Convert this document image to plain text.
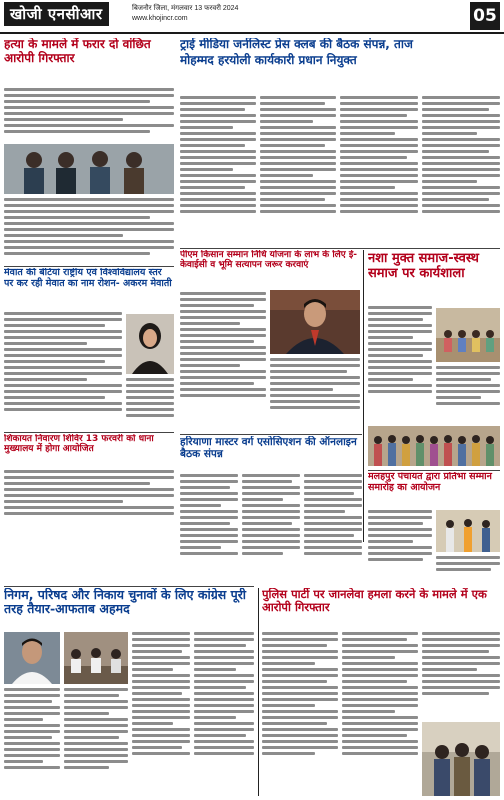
खोजी एनसीआर	बिजनौर जिला, मंगलवार 13 फरवरी 2024
www.khojincr.com	05
हत्या के मामले में फरार दो वांछित आरोपी गिरफ्तार
मेवात की बेटियां राष्ट्रीय एवं विश्वविद्यालय स्तर पर कर रही मेवात का नाम रोशन- अकरम मेवाती
शिकायत निवारण शिविर 13 फरवरी को धाना मुख्यालय में होगा आयोजित
ट्राई मीडिया जर्नलिस्ट प्रेस क्लब की बैठक संपन्न, ताज
मोहम्मद हरयोली कार्यकारी प्रधान नियुक्त
पीएम किसान सम्मान निधि योजना के लाभ के लिए ई-केवाईसी व भूमि सत्यापन जरूर करवाएं	नशा मुक्त समाज-स्वस्थ समाज पर कार्यशाला
हरियाणा मास्टर वर्ग एसोसिएशन की ऑनलाइन बैठक संपन्न
मलहपुर पंचायत द्वारा प्रतिभा सम्मान समारोह का आयोजन
निगम, परिषद और निकाय चुनावों के लिए कांग्रेस पूरी तरह तैयार-आफताब अहमद
पुलिस पार्टी पर जानलेवा हमला करने के मामले में एक आरोपी गिरफ्तार
